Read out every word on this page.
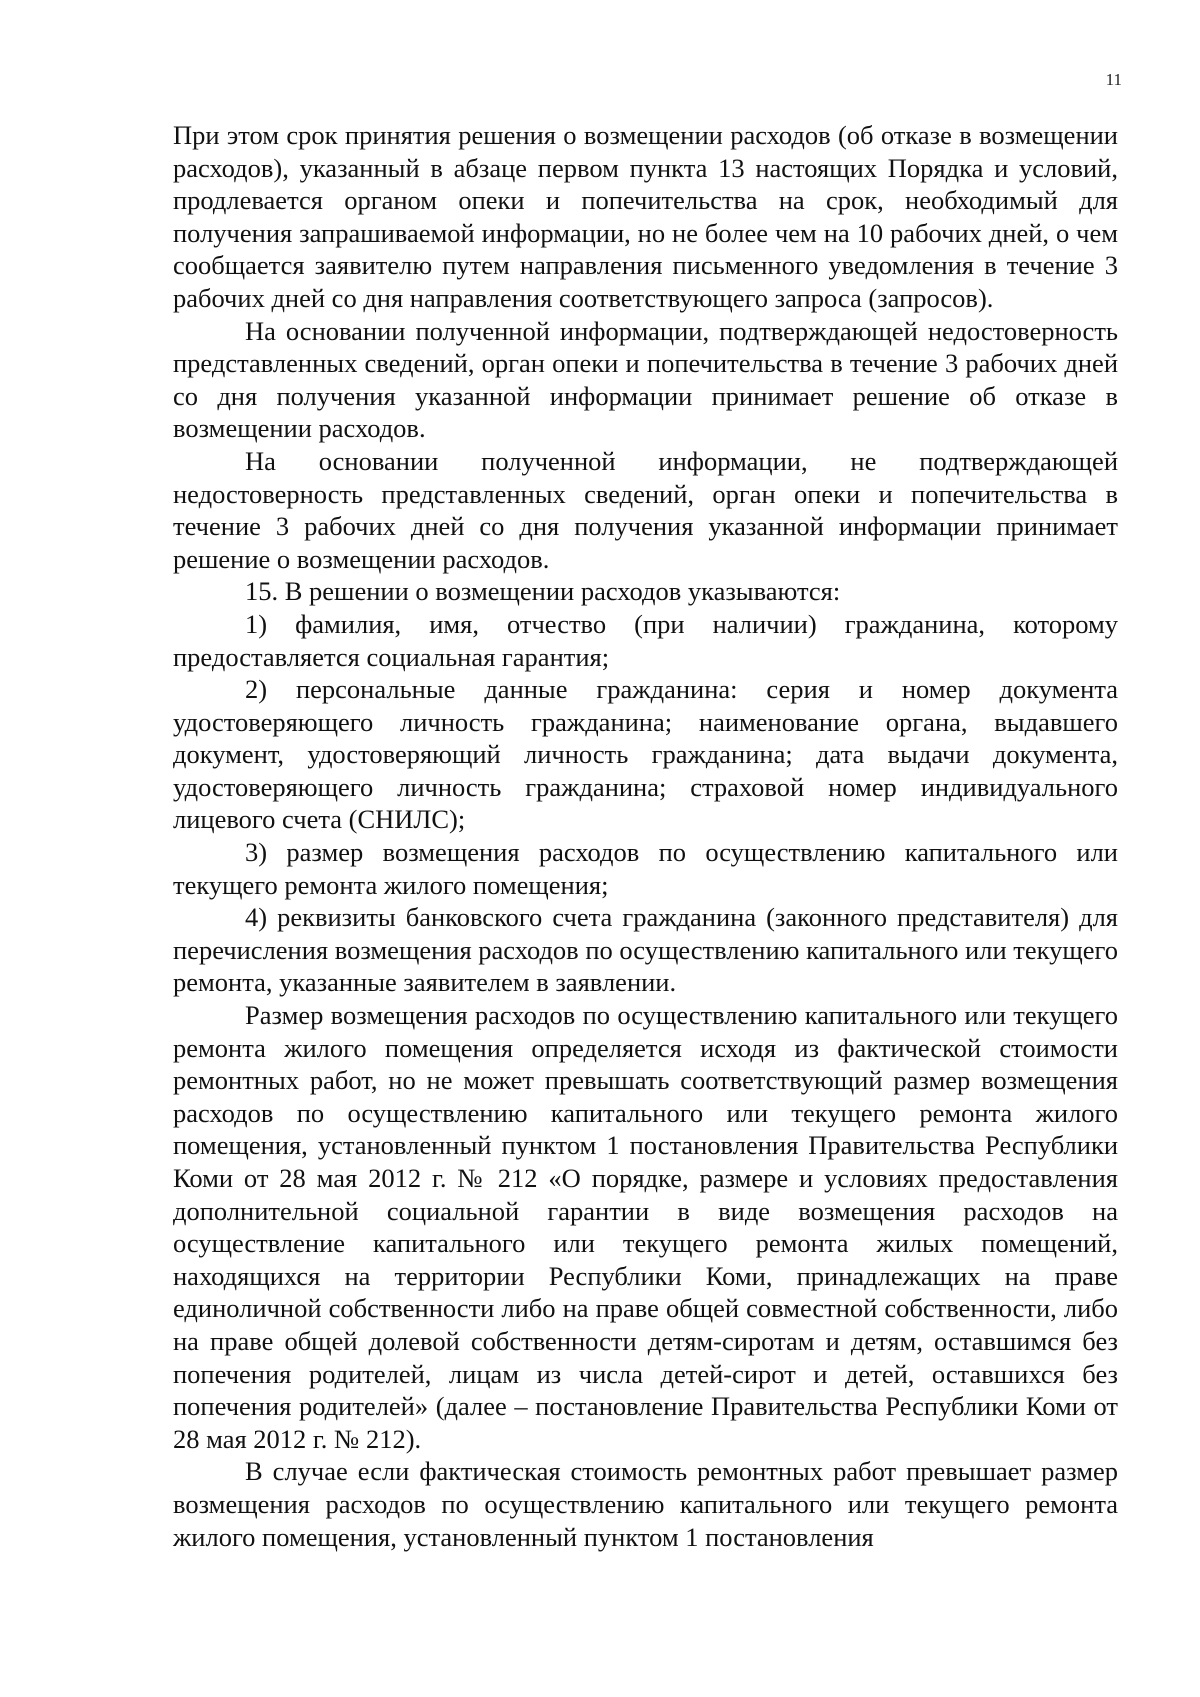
11

При этом срок принятия решения о возмещении расходов (об отказе в возмещении расходов), указанный в абзаце первом пункта 13 настоящих Порядка и условий, продлевается органом опеки и попечительства на срок, необходимый для получения запрашиваемой информации, но не более чем на 10 рабочих дней, о чем сообщается заявителю путем направления письменного уведомления в течение 3 рабочих дней со дня направления соответствующего запроса (запросов).

На основании полученной информации, подтверждающей недостоверность представленных сведений, орган опеки и попечительства в течение 3 рабочих дней со дня получения указанной информации принимает решение об отказе в возмещении расходов.

На основании полученной информации, не подтверждающей недостоверность представленных сведений, орган опеки и попечительства в течение 3 рабочих дней со дня получения указанной информации принимает решение о возмещении расходов.

15. В решении о возмещении расходов указываются:

1) фамилия, имя, отчество (при наличии) гражданина, которому предоставляется социальная гарантия;

2) персональные данные гражданина: серия и номер документа удостоверяющего личность гражданина; наименование органа, выдавшего документ, удостоверяющий личность гражданина; дата выдачи документа, удостоверяющего личность гражданина; страховой номер индивидуального лицевого счета (СНИЛС);

3) размер возмещения расходов по осуществлению капитального или текущего ремонта жилого помещения;

4) реквизиты банковского счета гражданина (законного представителя) для перечисления возмещения расходов по осуществлению капитального или текущего ремонта, указанные заявителем в заявлении.

Размер возмещения расходов по осуществлению капитального или текущего ремонта жилого помещения определяется исходя из фактической стоимости ремонтных работ, но не может превышать соответствующий размер возмещения расходов по осуществлению капитального или текущего ремонта жилого помещения, установленный пунктом 1 постановления Правительства Республики Коми от 28 мая 2012 г. № 212 «О порядке, размере и условиях предоставления дополнительной социальной гарантии в виде возмещения расходов на осуществление капитального или текущего ремонта жилых помещений, находящихся на территории Республики Коми, принадлежащих на праве единоличной собственности либо на праве общей совместной собственности, либо на праве общей долевой собственности детям-сиротам и детям, оставшимся без попечения родителей, лицам из числа детей-сирот и детей, оставшихся без попечения родителей» (далее – постановление Правительства Республики Коми от 28 мая 2012 г. № 212).

В случае если фактическая стоимость ремонтных работ превышает размер возмещения расходов по осуществлению капитального или текущего ремонта жилого помещения, установленный пунктом 1 постановления
